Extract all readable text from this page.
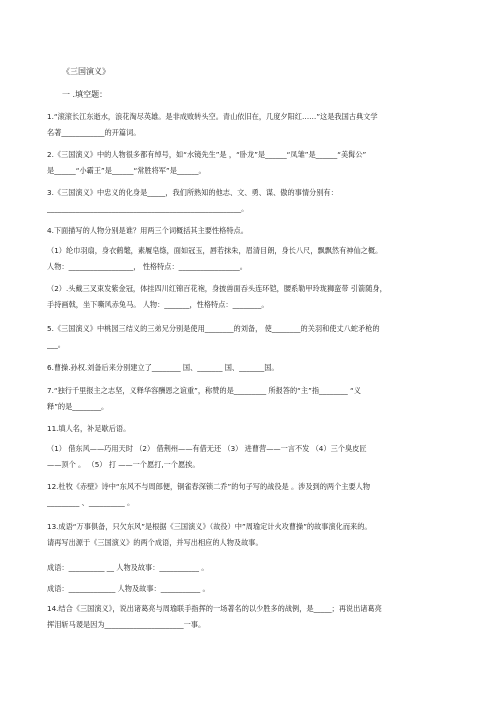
《三国演义》
一 .填空题：
1.“滚滚长江东逝水，浪花淘尽英雄。是非成败转头空。青山依旧在，几度夕阳红……”这是我国古典文学
名著____________的开篇词。
2.《三国演义》中的人物很多都有绰号，如“水镜先生”是 ，“卧龙”是______“凤雏”是______“美髯公”
是______“小霸王”是______“常胜将军”是______。
3.《三国演义》中忠义的化身是_____，我们所熟知的他志、文、勇、谋、傲的事情分别有：
______________________________________________________。
4.下面描写的人物分别是谁？用两三个词概括其主要性格特点。
（1）纶巾羽扇，身衣鹤氅，素履皂绦，面如冠玉，唇若抹朱，眉清目朗，身长八尺，飘飘然有神仙之概。
人物：__________________， 性格特点：_________________。
（2）.头戴三叉束发紫金冠，体挂四川红锦百花袍，身披兽面吞头连环铠，腰系勒甲玲珑狮蛮带 引箭随身，
手持画戟，坐下嘶风赤兔马。 人物：_______，性格特点：________。
5.《三国演义》中桃园三结义的三弟兄分别是使用________的刘备， 使________的关羽和使丈八蛇矛枪的
___。
6.曹操.孙权.刘备后来分别建立了________ 国、_______ 国、_______国。
7.“独行千里报主之志坚，义释华容酬恩之谊重”，称赞的是_________ 所报答的“主”指________ “义
释”的是________。
11.填人名，补足歇后语。
（1） 借东风——巧用天时 （2） 借荆州——有借无还 （3） 进曹营——一言不发 （4）三个臭皮匠
——顶个 。 （5） 打 ——一个愿打,一个愿挨。
12.杜牧《赤壁》诗中“东风不与周郎便，铜雀春深锁二乔”的句子写的战役是 。涉及到的两个主要人物
_________ 、__________ 。
13.成语“万事俱备，只欠东风”是根据《三国演义》（故役）中”周瑜定计火攻曹操”的故事演化而来的。
请再写出源于《三国演义》的两个成语，并写出相应的人物及故事。
成语：__________ __ 人物及故事：___________ 。
成语：_____________ 人物及故事：___________ 。
14.结合《三国演义》，说出诸葛亮与周瑜联手指挥的一场著名的以少胜多的战例，是_____；再说出诸葛亮
挥泪斩马谡是因为______________________一事。
